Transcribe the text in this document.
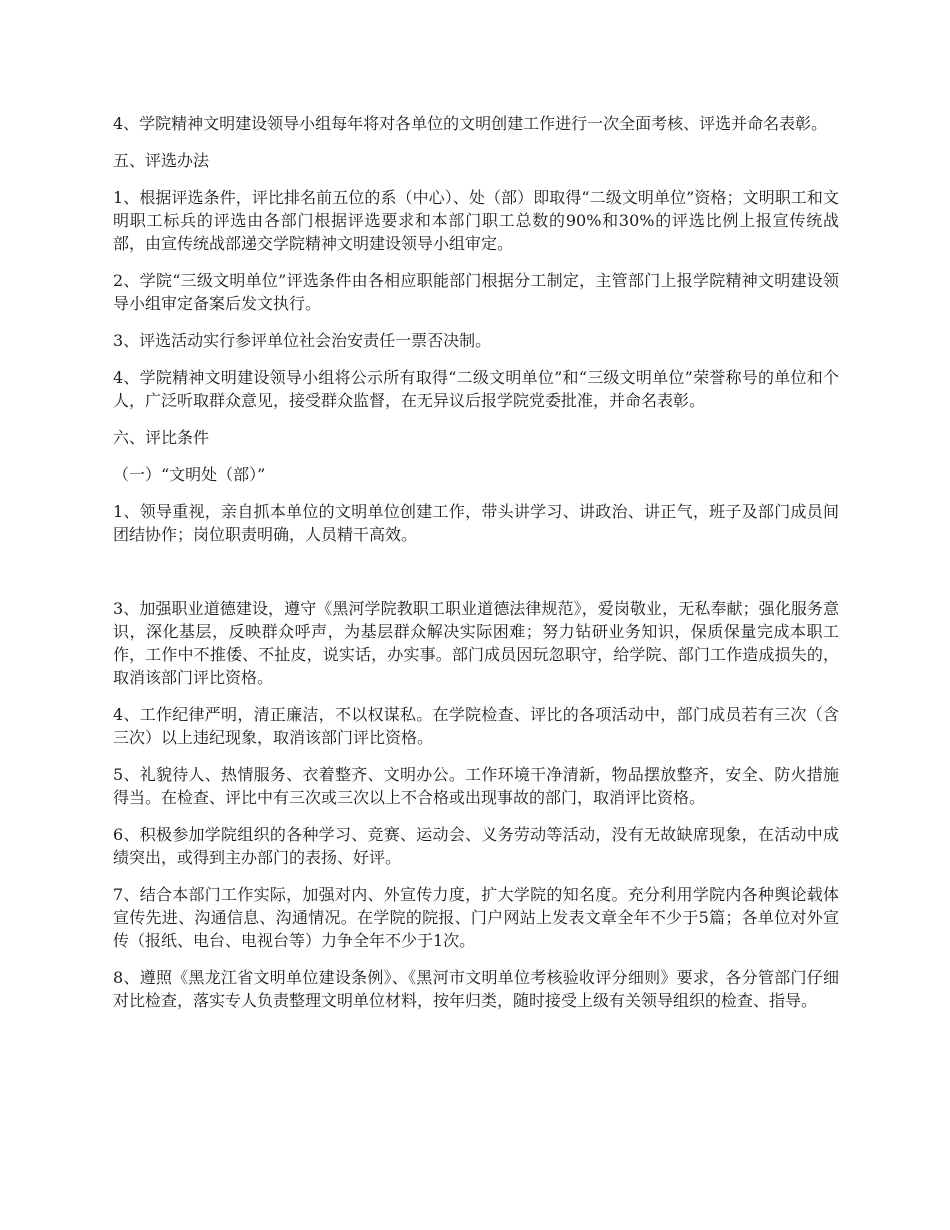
4、学院精神文明建设领导小组每年将对各单位的文明创建工作进行一次全面考核、评选并命名表彰。

五、评选办法

1、根据评选条件，评比排名前五位的系（中心）、处（部）即取得“二级文明单位”资格；文明职工和文明职工标兵的评选由各部门根据评选要求和本部门职工总数的90%和30%的评选比例上报宣传统战部，由宣传统战部递交学院精神文明建设领导小组审定。

2、学院“三级文明单位”评选条件由各相应职能部门根据分工制定，主管部门上报学院精神文明建设领导小组审定备案后发文执行。

3、评选活动实行参评单位社会治安责任一票否决制。

4、学院精神文明建设领导小组将公示所有取得“二级文明单位”和“三级文明单位”荣誉称号的单位和个人，广泛听取群众意见，接受群众监督，在无异议后报学院党委批准，并命名表彰。

六、评比条件

（一）“文明处（部）”

1、领导重视，亲自抓本单位的文明单位创建工作，带头讲学习、讲政治、讲正气，班子及部门成员间团结协作；岗位职责明确，人员精干高效。

3、加强职业道德建设，遵守《黑河学院教职工职业道德法律规范》，爱岗敬业，无私奉献；强化服务意识，深化基层，反映群众呼声，为基层群众解决实际困难；努力钻研业务知识，保质保量完成本职工作，工作中不推倭、不扯皮，说实话，办实事。部门成员因玩忽职守，给学院、部门工作造成损失的，取消该部门评比资格。

4、工作纪律严明，清正廉洁，不以权谋私。在学院检查、评比的各项活动中，部门成员若有三次（含三次）以上违纪现象，取消该部门评比资格。

5、礼貌待人、热情服务、衣着整齐、文明办公。工作环境干净清新，物品摆放整齐，安全、防火措施得当。在检查、评比中有三次或三次以上不合格或出现事故的部门，取消评比资格。

6、积极参加学院组织的各种学习、竞赛、运动会、义务劳动等活动，没有无故缺席现象，在活动中成绩突出，或得到主办部门的表扬、好评。

7、结合本部门工作实际，加强对内、外宣传力度，扩大学院的知名度。充分利用学院内各种舆论载体宣传先进、沟通信息、沟通情况。在学院的院报、门户网站上发表文章全年不少于5篇；各单位对外宣传（报纸、电台、电视台等）力争全年不少于1次。

8、遵照《黑龙江省文明单位建设条例》、《黑河市文明单位考核验收评分细则》要求，各分管部门仔细对比检查，落实专人负责整理文明单位材料，按年归类，随时接受上级有关领导组织的检查、指导。
